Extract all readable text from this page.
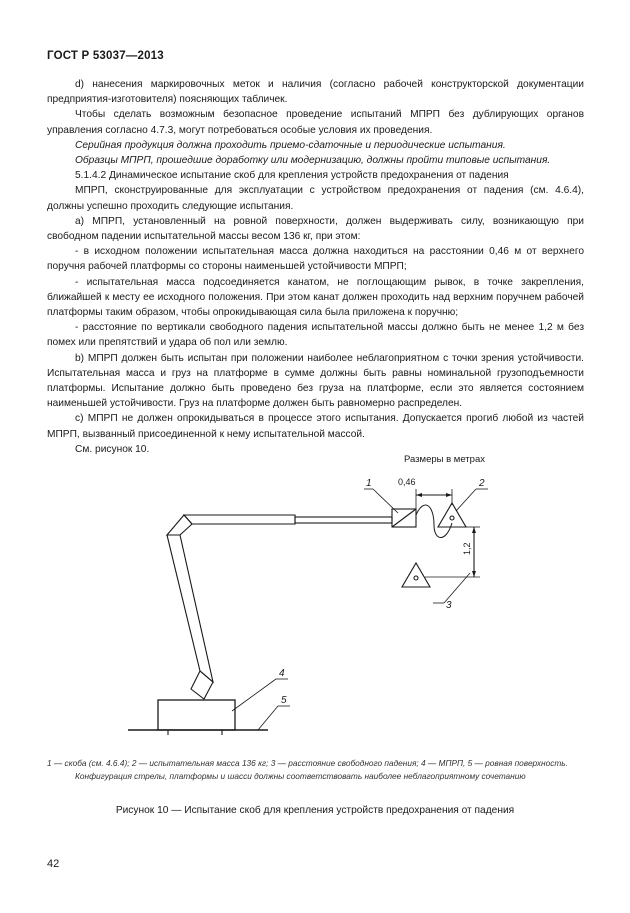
ГОСТ Р 53037—2013

d) нанесения маркировочных меток и наличия (согласно рабочей конструкторской документации предприятия-изготовителя) поясняющих табличек.

Чтобы сделать возможным безопасное проведение испытаний МПРП без дублирующих органов управления согласно 4.7.3, могут потребоваться особые условия их проведения.

Серийная продукция должна проходить приемо-сдаточные и периодические испытания.

Образцы МПРП, прошедшие доработку или модернизацию, должны пройти типовые испытания.

5.1.4.2 Динамическое испытание скоб для крепления устройств предохранения от падения

МПРП, сконструированные для эксплуатации с устройством предохранения от падения (см. 4.6.4), должны успешно проходить следующие испытания.

а) МПРП, установленный на ровной поверхности, должен выдерживать силу, возникающую при свободном падении испытательной массы весом 136 кг, при этом:

- в исходном положении испытательная масса должна находиться на расстоянии 0,46 м от верхнего поручня рабочей платформы со стороны наименьшей устойчивости МПРП;

- испытательная масса подсоединяется канатом, не поглощающим рывок, в точке закрепления, ближайшей к месту ее исходного положения. При этом канат должен проходить над верхним поручнем рабочей платформы таким образом, чтобы опрокидывающая сила была приложена к поручню;

- расстояние по вертикали свободного падения испытательной массы должно быть не менее 1,2 м без помех или препятствий и удара об пол или землю.

b) МПРП должен быть испытан при положении наиболее неблагоприятном с точки зрения устойчивости. Испытательная масса и груз на платформе в сумме должны быть равны номинальной грузоподъемности платформы. Испытание должно быть проведено без груза на платформе, если это является состоянием наименьшей устойчивости. Груз на платформе должен быть равномерно распределен.

c) МПРП не должен опрокидываться в процессе этого испытания. Допускается прогиб любой из частей МПРП, вызванный присоединенной к нему испытательной массой.

См. рисунок 10.

Размеры в метрах
0,46
1,2
1	2
3
4
5

1 — скоба (см. 4.6.4); 2 — испытательная масса 136 кг; 3 — расстояние свободного падения; 4 — МПРП, 5 — ровная поверхность.

Конфигурация стрелы, платформы и шасси должны соответствовать наиболее неблагоприятному сочетанию

Рисунок 10 — Испытание скоб для крепления устройств предохранения от падения
42
